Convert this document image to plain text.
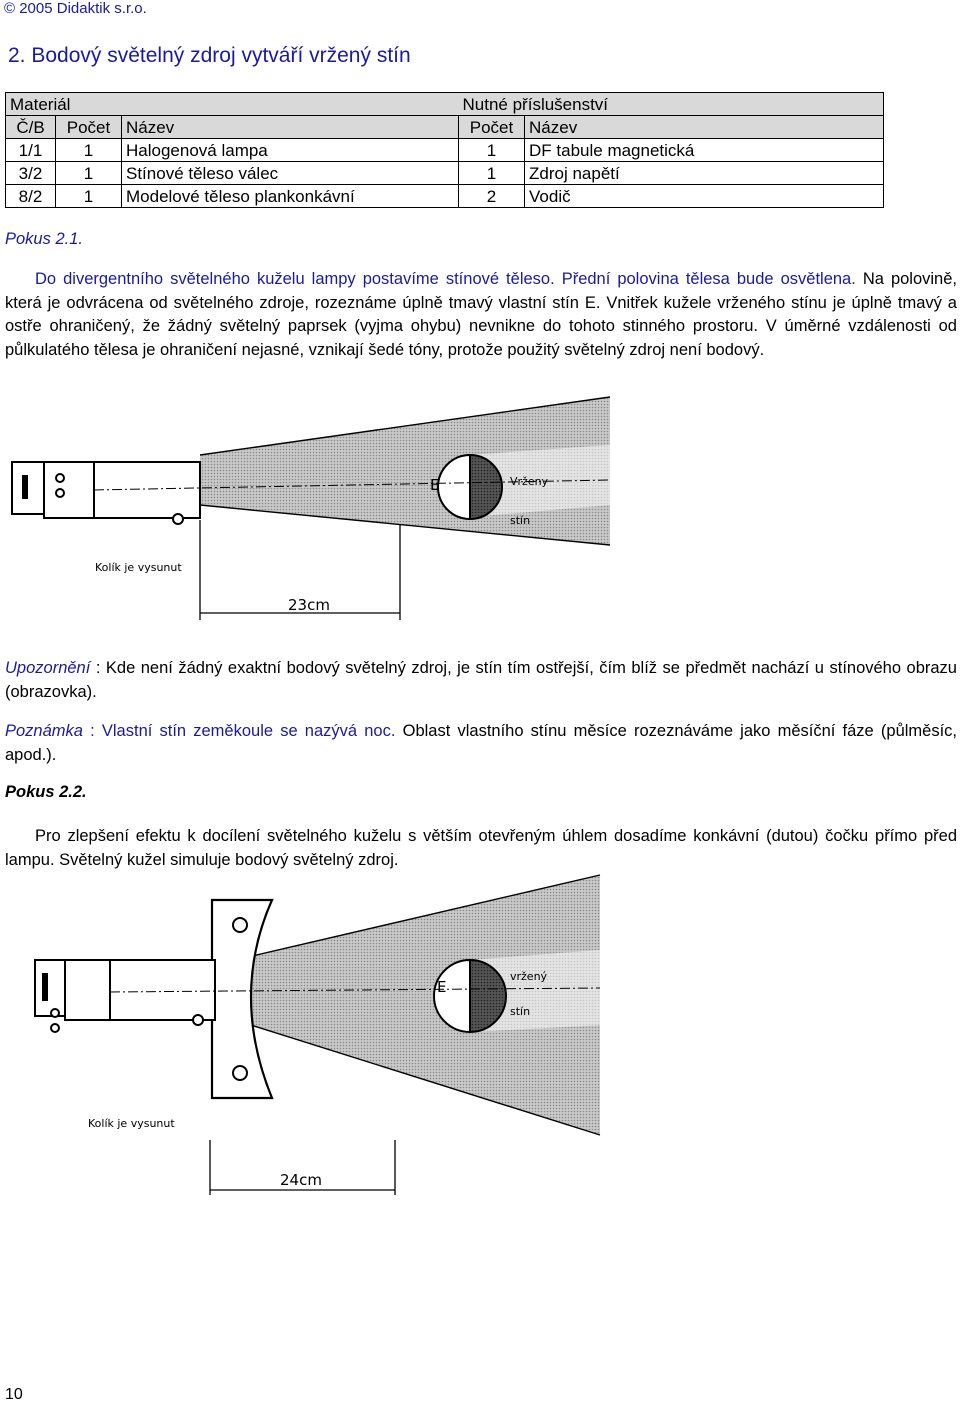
© 2005 Didaktik s.r.o.
2. Bodový světelný zdroj vytváří vržený stín
Materiál			Nutné příslušenství	
Č/B	Počet	Název	Počet	Název
1/1	1	Halogenová lampa	1	DF tabule magnetická
3/2	1	Stínové těleso válec	1	Zdroj napětí
8/2	1	Modelové těleso plankonkávní	2	Vodič
Pokus 2.1.
Do divergentního světelného kuželu lampy postavíme stínové těleso. Přední polovina tělesa bude osvětlena. Na polovině, která je odvrácena od světelného zdroje, rozeznáme úplně tmavý vlastní stín E. Vnitřek kužele vrženého stínu je úplně tmavý a ostře ohraničený, že žádný světelný paprsek (vyjma ohybu) nevnikne do tohoto stinného prostoru. V úměrné vzdálenosti od půlkulatého tělesa je ohraničení nejasné, vznikají šedé tóny, protože použitý světelný zdroj není bodový.
E	Vrženy
stín
Kolík je vysunut
23cm
Upozornění : Kde není žádný exaktní bodový světelný zdroj, je stín tím ostřejší, čím blíž se předmět nachází u stínového obrazu (obrazovka).
Poznámka : Vlastní stín zeměkoule se nazývá noc. Oblast vlastního stínu měsíce rozeznáváme jako měsíční fáze (půlměsíc, apod.).
Pokus 2.2.
Pro zlepšení efektu k docílení světelného kuželu s větším otevřeným úhlem dosadíme konkávní (dutou) čočku přímo před lampu. Světelný kužel simuluje bodový světelný zdroj.
E
vržený
stín
Kolík je vysunut
24cm
10
